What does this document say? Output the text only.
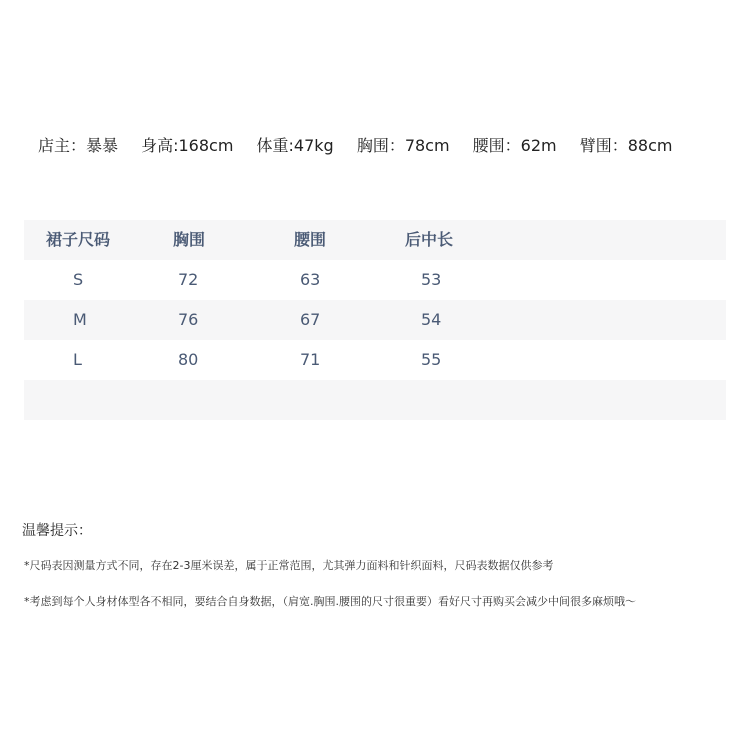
店主：暴暴 身高:168cm 体重:47kg 胸围：78cm 腰围：62m 臂围：88cm
裙子尺码	胸围	腰围	后中长
S	72	63	53
M	76	67	54
L	80	71	55
温馨提示：
*尺码表因测量方式不同，存在2-3厘米误差，属于正常范围，尤其弹力面料和针织面料，尺码表数据仅供参考
*考虑到每个人身材体型各不相同，要结合自身数据，（肩宽.胸围.腰围的尺寸很重要）看好尺寸再购买会减少中间很多麻烦哦～
